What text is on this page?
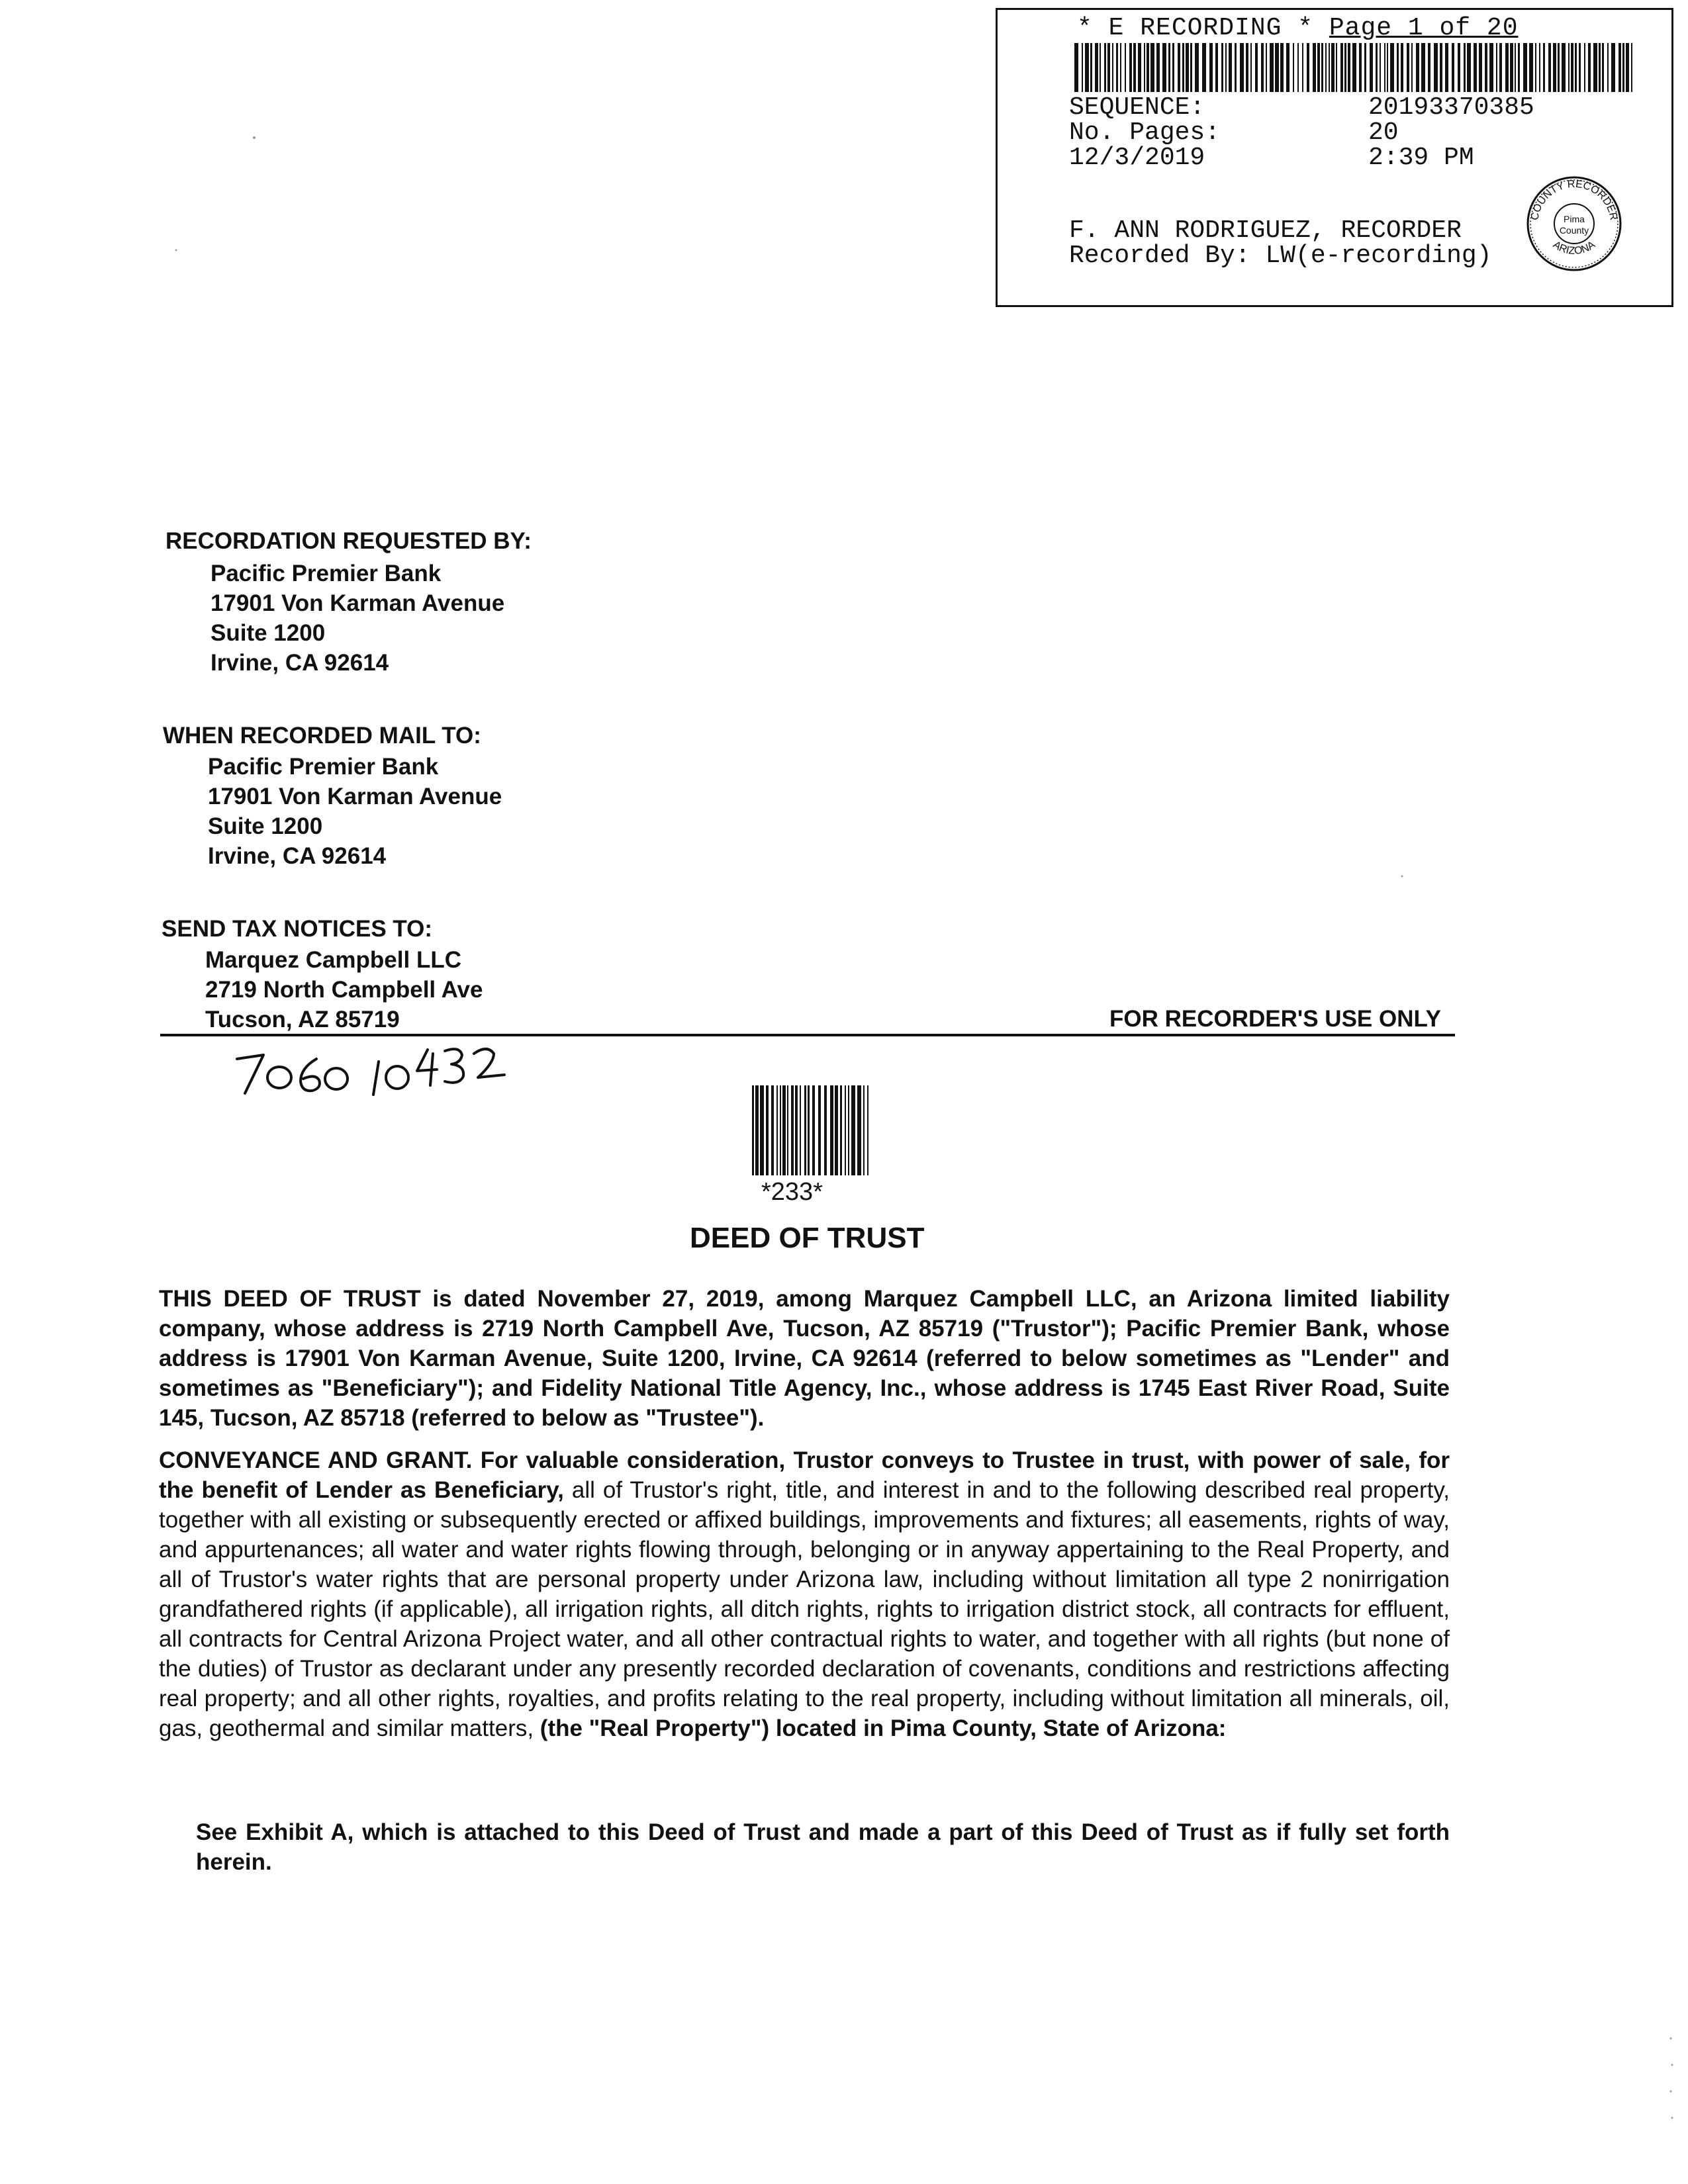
* E RECORDING * Page 1 of 20
SEQUENCE:	20193370385
No. Pages:	20
12/3/2019	2:39 PM
F. ANN RODRIGUEZ, RECORDER
Recorded By: LW(e-recording)
COUNTY RECORDER
ARIZONA
Pima
County
RECORDATION REQUESTED BY:
Pacific Premier Bank
17901 Von Karman Avenue
Suite 1200
Irvine, CA 92614
WHEN RECORDED MAIL TO:
Pacific Premier Bank
17901 Von Karman Avenue
Suite 1200
Irvine, CA 92614
SEND TAX NOTICES TO:
Marquez Campbell LLC
2719 North Campbell Ave
Tucson, AZ 85719	FOR RECORDER'S USE ONLY
*233*
DEED OF TRUST
THIS DEED OF TRUST is dated November 27, 2019, among Marquez Campbell LLC, an Arizona limited liability company, whose address is 2719 North Campbell Ave, Tucson, AZ 85719 ("Trustor"); Pacific Premier Bank, whose address is 17901 Von Karman Avenue, Suite 1200, Irvine, CA 92614 (referred to below sometimes as "Lender" and sometimes as "Beneficiary"); and Fidelity National Title Agency, Inc., whose address is 1745 East River Road, Suite 145, Tucson, AZ 85718 (referred to below as "Trustee").
CONVEYANCE AND GRANT. For valuable consideration, Trustor conveys to Trustee in trust, with power of sale, for the benefit of Lender as Beneficiary, all of Trustor's right, title, and interest in and to the following described real property, together with all existing or subsequently erected or affixed buildings, improvements and fixtures; all easements, rights of way, and appurtenances; all water and water rights flowing through, belonging or in anyway appertaining to the Real Property, and all of Trustor's water rights that are personal property under Arizona law, including without limitation all type 2 nonirrigation grandfathered rights (if applicable), all irrigation rights, all ditch rights, rights to irrigation district stock, all contracts for effluent, all contracts for Central Arizona Project water, and all other contractual rights to water, and together with all rights (but none of the duties) of Trustor as declarant under any presently recorded declaration of covenants, conditions and restrictions affecting real property; and all other rights, royalties, and profits relating to the real property, including without limitation all minerals, oil, gas, geothermal and similar matters, (the "Real Property") located in Pima County, State of Arizona:
See Exhibit A, which is attached to this Deed of Trust and made a part of this Deed of Trust as if fully set forth herein.
